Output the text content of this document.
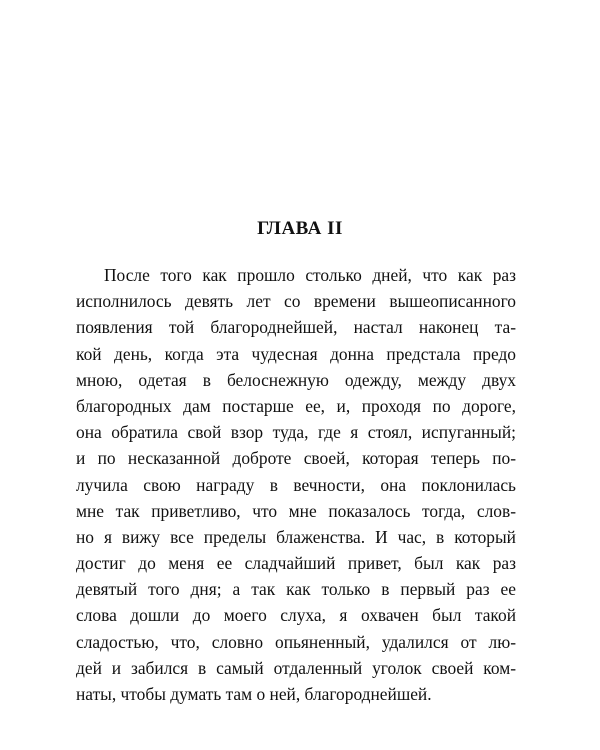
ГЛАВА II
После того как прошло столько дней, что как раз
исполнилось девять лет со времени вышеописанного
появления той благороднейшей, настал наконец та-
кой день, когда эта чудесная донна предстала предо
мною, одетая в белоснежную одежду, между двух
благородных дам постарше ее, и, проходя по дороге,
она обратила свой взор туда, где я стоял, испуганный;
и по несказанной доброте своей, которая теперь по-
лучила свою награду в вечности, она поклонилась
мне так приветливо, что мне показалось тогда, слов-
но я вижу все пределы блаженства. И час, в который
достиг до меня ее сладчайший привет, был как раз
девятый того дня; а так как только в первый раз ее
слова дошли до моего слуха, я охвачен был такой
сладостью, что, словно опьяненный, удалился от лю-
дей и забился в самый отдаленный уголок своей ком-
наты, чтобы думать там о ней, благороднейшей.
